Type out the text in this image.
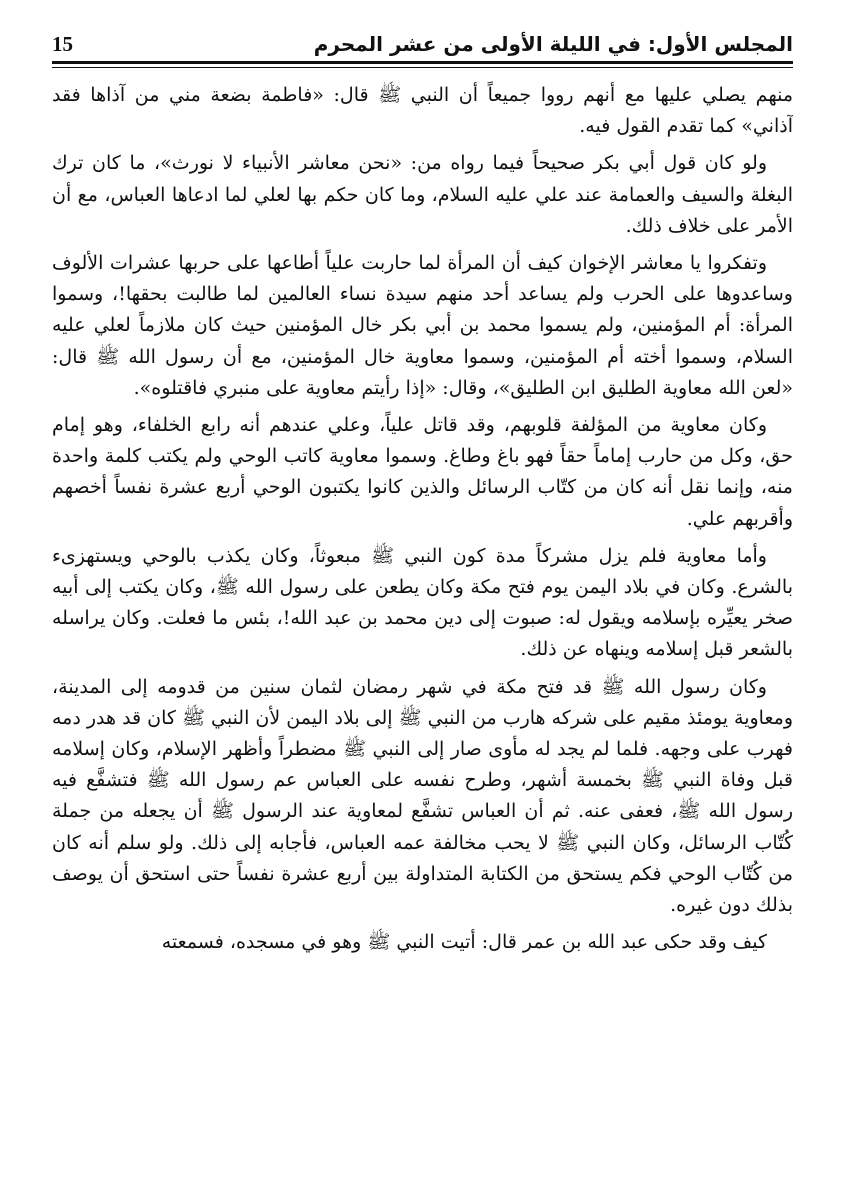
المجلس الأول: في الليلة الأولى من عشر المحرم
15

منهم يصلي عليها مع أنهم رووا جميعاً أن النبي ﷺ قال: «فاطمة بضعة مني من آذاها فقد آذاني» كما تقدم القول فيه.

ولو كان قول أبي بكر صحيحاً فيما رواه من: «نحن معاشر الأنبياء لا نورث»، ما كان ترك البغلة والسيف والعمامة عند علي عليه السلام، وما كان حكم بها لعلي لما ادعاها العباس، مع أن الأمر على خلاف ذلك.

وتفكروا يا معاشر الإخوان كيف أن المرأة لما حاربت علياً أطاعها على حربها عشرات الألوف وساعدوها على الحرب ولم يساعد أحد منهم سيدة نساء العالمين لما طالبت بحقها!، وسموا المرأة: أم المؤمنين، ولم يسموا محمد بن أبي بكر خال المؤمنين حيث كان ملازماً لعلي عليه السلام، وسموا أخته أم المؤمنين، وسموا معاوية خال المؤمنين، مع أن رسول الله ﷺ قال: «لعن الله معاوية الطليق ابن الطليق»، وقال: «إذا رأيتم معاوية على منبري فاقتلوه».

وكان معاوية من المؤلفة قلوبهم، وقد قاتل علياً، وعلي عندهم أنه رابع الخلفاء، وهو إمام حق، وكل من حارب إماماً حقاً فهو باغ وطاغ. وسموا معاوية كاتب الوحي ولم يكتب كلمة واحدة منه، وإنما نقل أنه كان من كتّاب الرسائل والذين كانوا يكتبون الوحي أربع عشرة نفساً أخصهم وأقربهم علي.

وأما معاوية فلم يزل مشركاً مدة كون النبي ﷺ مبعوثاً، وكان يكذب بالوحي ويستهزىء بالشرع. وكان في بلاد اليمن يوم فتح مكة وكان يطعن على رسول الله ﷺ، وكان يكتب إلى أبيه صخر يعيِّره بإسلامه ويقول له: صبوت إلى دين محمد بن عبد الله!، بئس ما فعلت. وكان يراسله بالشعر قبل إسلامه وينهاه عن ذلك.

وكان رسول الله ﷺ قد فتح مكة في شهر رمضان لثمان سنين من قدومه إلى المدينة، ومعاوية يومئذ مقيم على شركه هارب من النبي ﷺ إلى بلاد اليمن لأن النبي ﷺ كان قد هدر دمه فهرب على وجهه. فلما لم يجد له مأوى صار إلى النبي ﷺ مضطراً وأظهر الإسلام، وكان إسلامه قبل وفاة النبي ﷺ بخمسة أشهر، وطرح نفسه على العباس عم رسول الله ﷺ فتشفَّع فيه رسول الله ﷺ، فعفى عنه. ثم أن العباس تشفَّع لمعاوية عند الرسول ﷺ أن يجعله من جملة كُتّاب الرسائل، وكان النبي ﷺ لا يحب مخالفة عمه العباس، فأجابه إلى ذلك. ولو سلم أنه كان من كُتّاب الوحي فكم يستحق من الكتابة المتداولة بين أربع عشرة نفساً حتى استحق أن يوصف بذلك دون غيره.

كيف وقد حكى عبد الله بن عمر قال: أتيت النبي ﷺ وهو في مسجده، فسمعته
